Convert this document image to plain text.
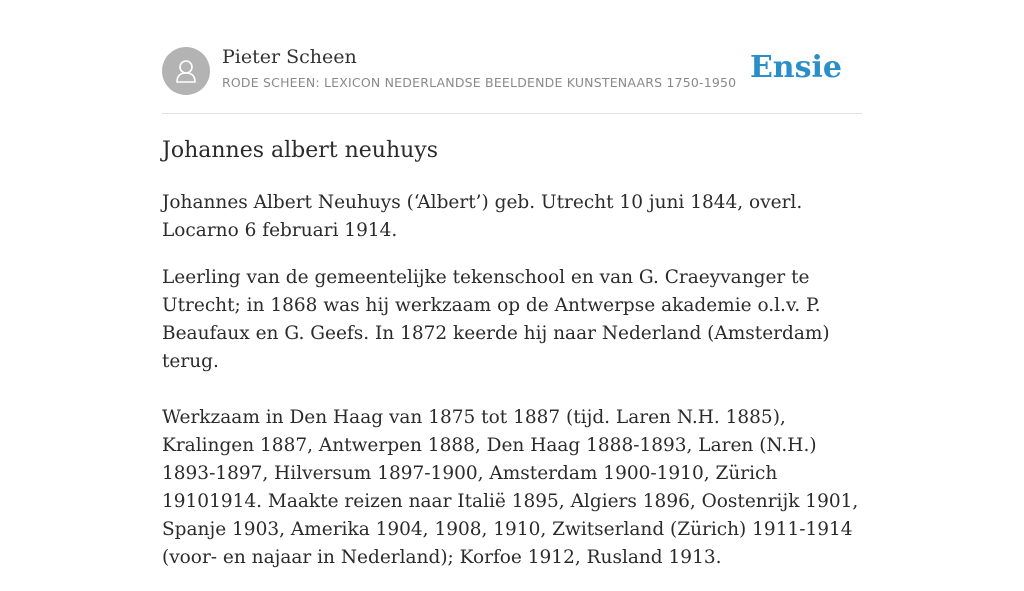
Pieter Scheen
RODE SCHEEN: LEXICON NEDERLANDSE BEELDENDE KUNSTENAARS 1750-1950 Ensie
Johannes albert neuhuys

Johannes Albert Neuhuys (‘Albert’) geb. Utrecht 10 juni 1844, overl. Locarno 6 februari 1914.

Leerling van de gemeentelijke tekenschool en van G. Craeyvanger te Utrecht; in 1868 was hij werkzaam op de Antwerpse akademie o.l.v. P. Beaufaux en G. Geefs. In 1872 keerde hij naar Nederland (Amsterdam) terug.

Werkzaam in Den Haag van 1875 tot 1887 (tijd. Laren N.H. 1885), Kralingen 1887, Antwerpen 1888, Den Haag 1888-1893, Laren (N.H.) 1893-1897, Hilversum 1897-1900, Amsterdam 1900-1910, Zürich 19101914. Maakte reizen naar Italië 1895, Algiers 1896, Oostenrijk 1901, Spanje 1903, Amerika 1904, 1908, 1910, Zwitserland (Zürich) 1911-1914 (voor- en najaar in Nederland); Korfoe 1912, Rusland 1913.
